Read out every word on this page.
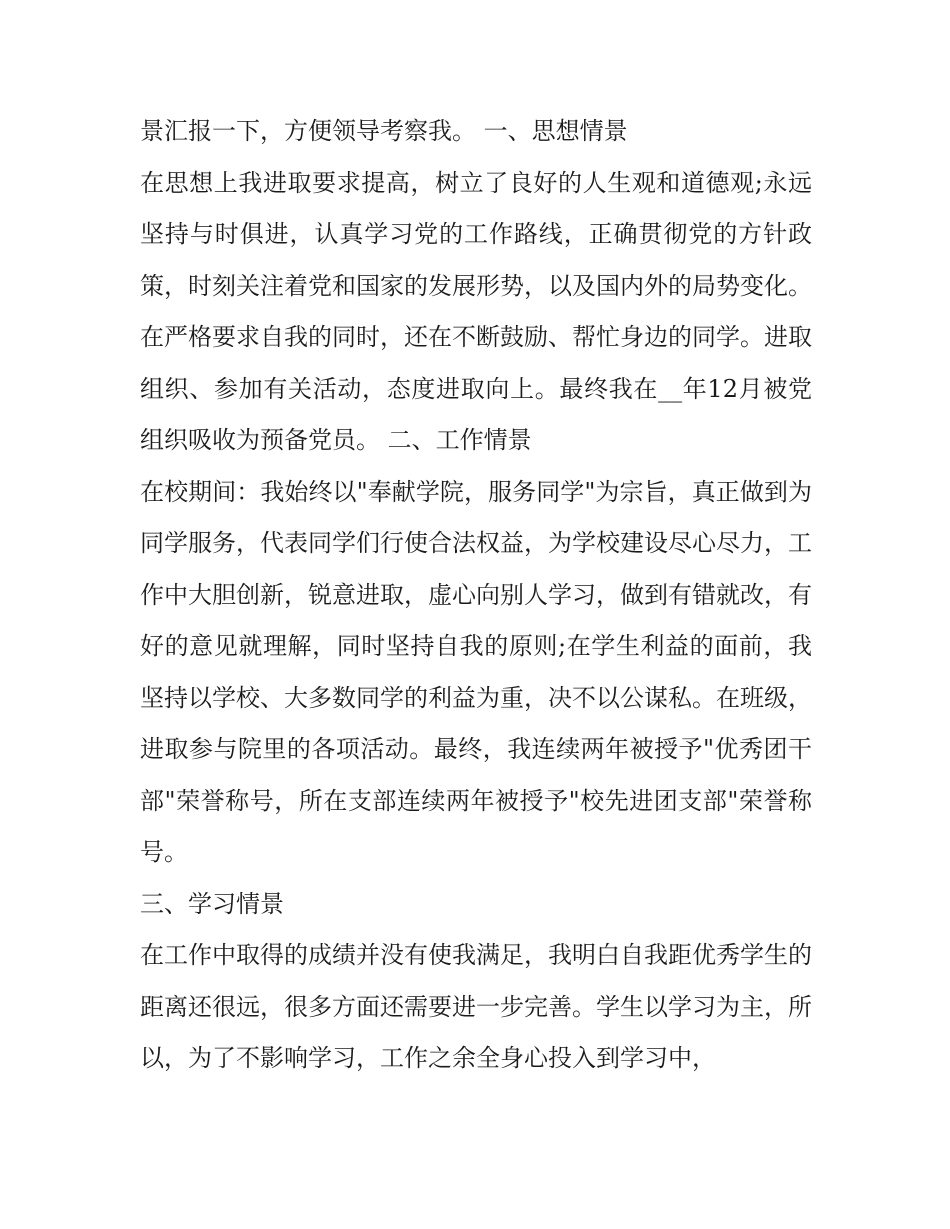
景汇报一下，方便领导考察我。 一、思想情景

在思想上我进取要求提高，树立了良好的人生观和道德观;永远坚持与时俱进，认真学习党的工作路线，正确贯彻党的方针政策，时刻关注着党和国家的发展形势，以及国内外的局势变化。

在严格要求自我的同时，还在不断鼓励、帮忙身边的同学。进取组织、参加有关活动，态度进取向上。最终我在__年12月被党组织吸收为预备党员。 二、工作情景

在校期间：我始终以"奉献学院，服务同学"为宗旨，真正做到为同学服务，代表同学们行使合法权益，为学校建设尽心尽力，工作中大胆创新，锐意进取，虚心向别人学习，做到有错就改，有好的意见就理解，同时坚持自我的原则;在学生利益的面前，我坚持以学校、大多数同学的利益为重，决不以公谋私。在班级，进取参与院里的各项活动。最终，我连续两年被授予"优秀团干部"荣誉称号，所在支部连续两年被授予"校先进团支部"荣誉称号。

三、学习情景

在工作中取得的成绩并没有使我满足，我明白自我距优秀学生的距离还很远，很多方面还需要进一步完善。学生以学习为主，所以，为了不影响学习，工作之余全身心投入到学习中，
